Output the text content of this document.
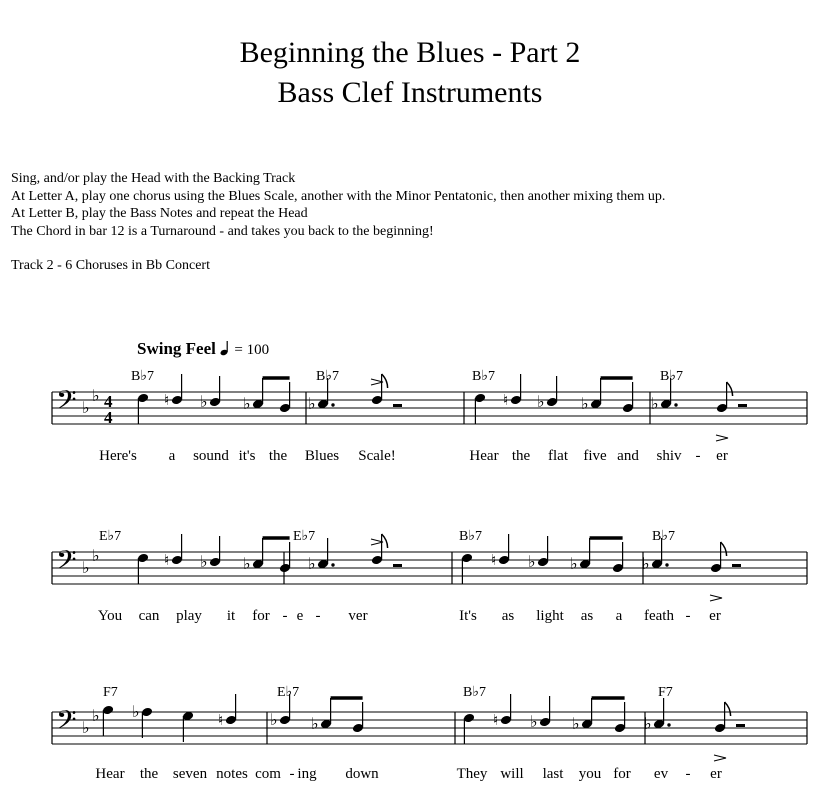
Beginning the Blues - Part 2
Bass Clef Instruments
Sing, and/or play the Head with the Backing Track
At Letter A, play one chorus using the Blues Scale, another with the Minor Pentatonic, then another mixing them up.
At Letter B, play the Bass Notes and repeat the Head
The Chord in bar 12 is a Turnaround - and takes you back to the beginning!
Track 2 - 6 Choruses in Bb Concert
Swing Feel = 100
𝄢 ♭
♭ 4
4
B♭7	B♭7	B♭7	B♭7
Here's a sound it's the Blues Scale!	Hear the flat five and shiv - er
♮ ♭ ♭	♭	♮ ♭ ♭	♭
𝄢 ♭
♭
E♭7	E♭7	B♭7	B♭7
You can play it for - e - ver	It's as light as a feath - er
♮ ♭ ♭	♭	♮ ♭ ♭	♭
𝄢 ♭
♭
F7	E♭7	B♭7	F7
Hear the seven notes com - ing down	They will last you for ev - er
♭	♮	♭ ♭	♮ ♭ ♭	♭
